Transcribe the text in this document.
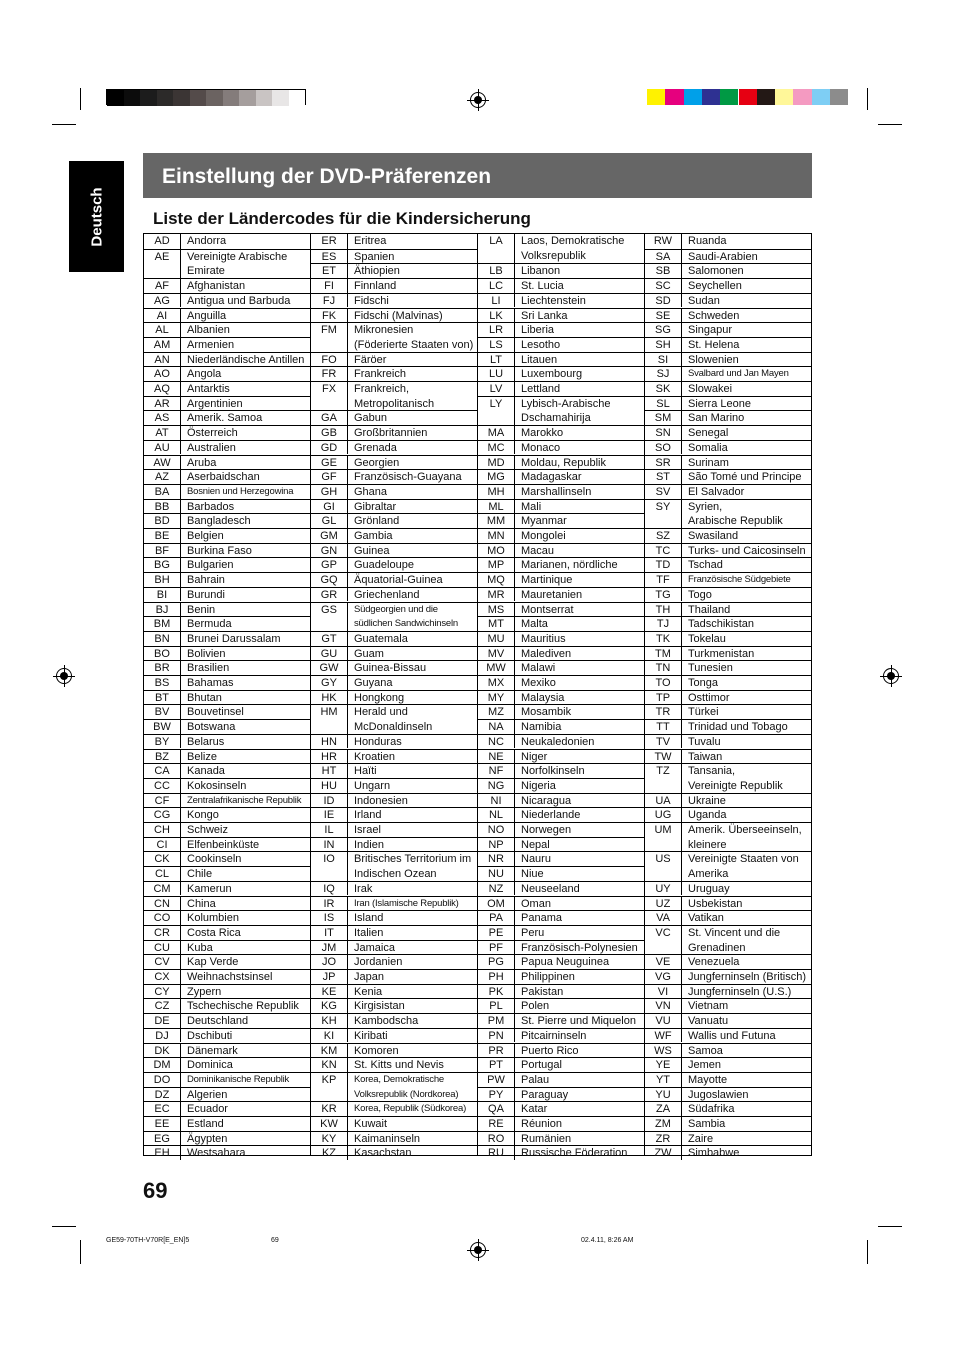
Deutsch
Einstellung der DVD-Präferenzen
Liste der Ländercodes für die Kindersicherung
AD	Andorra
AE	Vereinigte Arabische
Emirate
AF	Afghanistan
AG	Antigua und Barbuda
AI	Anguilla
AL	Albanien
AM	Armenien
AN	Niederländische Antillen
AO	Angola
AQ	Antarktis
AR	Argentinien
AS	Amerik. Samoa
AT	Österreich
AU	Australien
AW	Aruba
AZ	Aserbaidschan
BA	Bosnien und Herzegowina
BB	Barbados
BD	Bangladesch
BE	Belgien
BF	Burkina Faso
BG	Bulgarien
BH	Bahrain
BI	Burundi
BJ	Benin
BM	Bermuda
BN	Brunei Darussalam
BO	Bolivien
BR	Brasilien
BS	Bahamas
BT	Bhutan
BV	Bouvetinsel
BW	Botswana
BY	Belarus
BZ	Belize
CA	Kanada
CC	Kokosinseln
CF	Zentralafrikanische Republik
CG	Kongo
CH	Schweiz
CI	Elfenbeinküste
CK	Cookinseln
CL	Chile
CM	Kamerun
CN	China
CO	Kolumbien
CR	Costa Rica
CU	Kuba
CV	Kap Verde
CX	Weihnachstsinsel
CY	Zypern
CZ	Tschechische Republik
DE	Deutschland
DJ	Dschibuti
DK	Dänemark
DM	Dominica
DO	Dominikanische Republik
DZ	Algerien
EC	Ecuador
EE	Estland
EG	Ägypten
EH	Westsahara
ER	Eritrea
ES	Spanien
ET	Äthiopien
FI	Finnland
FJ	Fidschi
FK	Fidschi (Malvinas)
FM	Mikronesien
(Föderierte Staaten von)
FO	Färöer
FR	Frankreich
FX	Frankreich,
Metropolitanisch
GA	Gabun
GB	Großbritannien
GD	Grenada
GE	Georgien
GF	Französisch-Guayana
GH	Ghana
GI	Gibraltar
GL	Grönland
GM	Gambia
GN	Guinea
GP	Guadeloupe
GQ	Äquatorial-Guinea
GR	Griechenland
GS	Südgeorgien und die
südlichen Sandwichinseln
GT	Guatemala
GU	Guam
GW	Guinea-Bissau
GY	Guyana
HK	Hongkong
HM	Herald und
McDonaldinseln
HN	Honduras
HR	Kroatien
HT	Haïti
HU	Ungarn
ID	Indonesien
IE	Irland
IL	Israel
IN	Indien
IO	Britisches Territorium im
Indischen Ozean
IQ	Irak
IR	Iran (Islamische Republik)
IS	Island
IT	Italien
JM	Jamaica
JO	Jordanien
JP	Japan
KE	Kenia
KG	Kirgisistan
KH	Kambodscha
KI	Kiribati
KM	Komoren
KN	St. Kitts und Nevis
KP	Korea, Demokratische
Volksrepublik (Nordkorea)
KR	Korea, Republik (Südkorea)
KW	Kuwait
KY	Kaimaninseln
KZ	Kasachstan
LA	Laos, Demokratische
Volksrepublik
LB	Libanon
LC	St. Lucia
LI	Liechtenstein
LK	Sri Lanka
LR	Liberia
LS	Lesotho
LT	Litauen
LU	Luxembourg
LV	Lettland
LY	Lybisch-Arabische
Dschamahirija
MA	Marokko
MC	Monaco
MD	Moldau, Republik
MG	Madagaskar
MH	Marshallinseln
ML	Mali
MM	Myanmar
MN	Mongolei
MO	Macau
MP	Marianen, nördliche
MQ	Martinique
MR	Mauretanien
MS	Montserrat
MT	Malta
MU	Mauritius
MV	Malediven
MW	Malawi
MX	Mexiko
MY	Malaysia
MZ	Mosambik
NA	Namibia
NC	Neukaledonien
NE	Niger
NF	Norfolkinseln
NG	Nigeria
NI	Nicaragua
NL	Niederlande
NO	Norwegen
NP	Nepal
NR	Nauru
NU	Niue
NZ	Neuseeland
OM	Oman
PA	Panama
PE	Peru
PF	Französisch-Polynesien
PG	Papua Neuguinea
PH	Philippinen
PK	Pakistan
PL	Polen
PM	St. Pierre und Miquelon
PN	Pitcairninseln
PR	Puerto Rico
PT	Portugal
PW	Palau
PY	Paraguay
QA	Katar
RE	Réunion
RO	Rumänien
RU	Russische Föderation
RW	Ruanda
SA	Saudi-Arabien
SB	Salomonen
SC	Seychellen
SD	Sudan
SE	Schweden
SG	Singapur
SH	St. Helena
SI	Slowenien
SJ	Svalbard und Jan Mayen
SK	Slowakei
SL	Sierra Leone
SM	San Marino
SN	Senegal
SO	Somalia
SR	Surinam
ST	São Tomé und Principe
SV	El Salvador
SY	Syrien,
Arabische Republik
SZ	Swasiland
TC	Turks- und Caicosinseln
TD	Tschad
TF	Französische Südgebiete
TG	Togo
TH	Thailand
TJ	Tadschikistan
TK	Tokelau
TM	Turkmenistan
TN	Tunesien
TO	Tonga
TP	Osttimor
TR	Türkei
TT	Trinidad und Tobago
TV	Tuvalu
TW	Taiwan
TZ	Tansania,
Vereinigte Republik
UA	Ukraine
UG	Uganda
UM	Amerik. Überseeinseln,
kleinere
US	Vereinigte Staaten von
Amerika
UY	Uruguay
UZ	Usbekistan
VA	Vatikan
VC	St. Vincent und die
Grenadinen
VE	Venezuela
VG	Jungferninseln (Britisch)
VI	Jungferninseln (U.S.)
VN	Vietnam
VU	Vanuatu
WF	Wallis und Futuna
WS	Samoa
YE	Jemen
YT	Mayotte
YU	Jugoslawien
ZA	Südafrika
ZM	Sambia
ZR	Zaire
ZW	Simbabwe
69
GE59-70TH-V70R[E_EN]5	69	02.4.11, 8:26 AM
